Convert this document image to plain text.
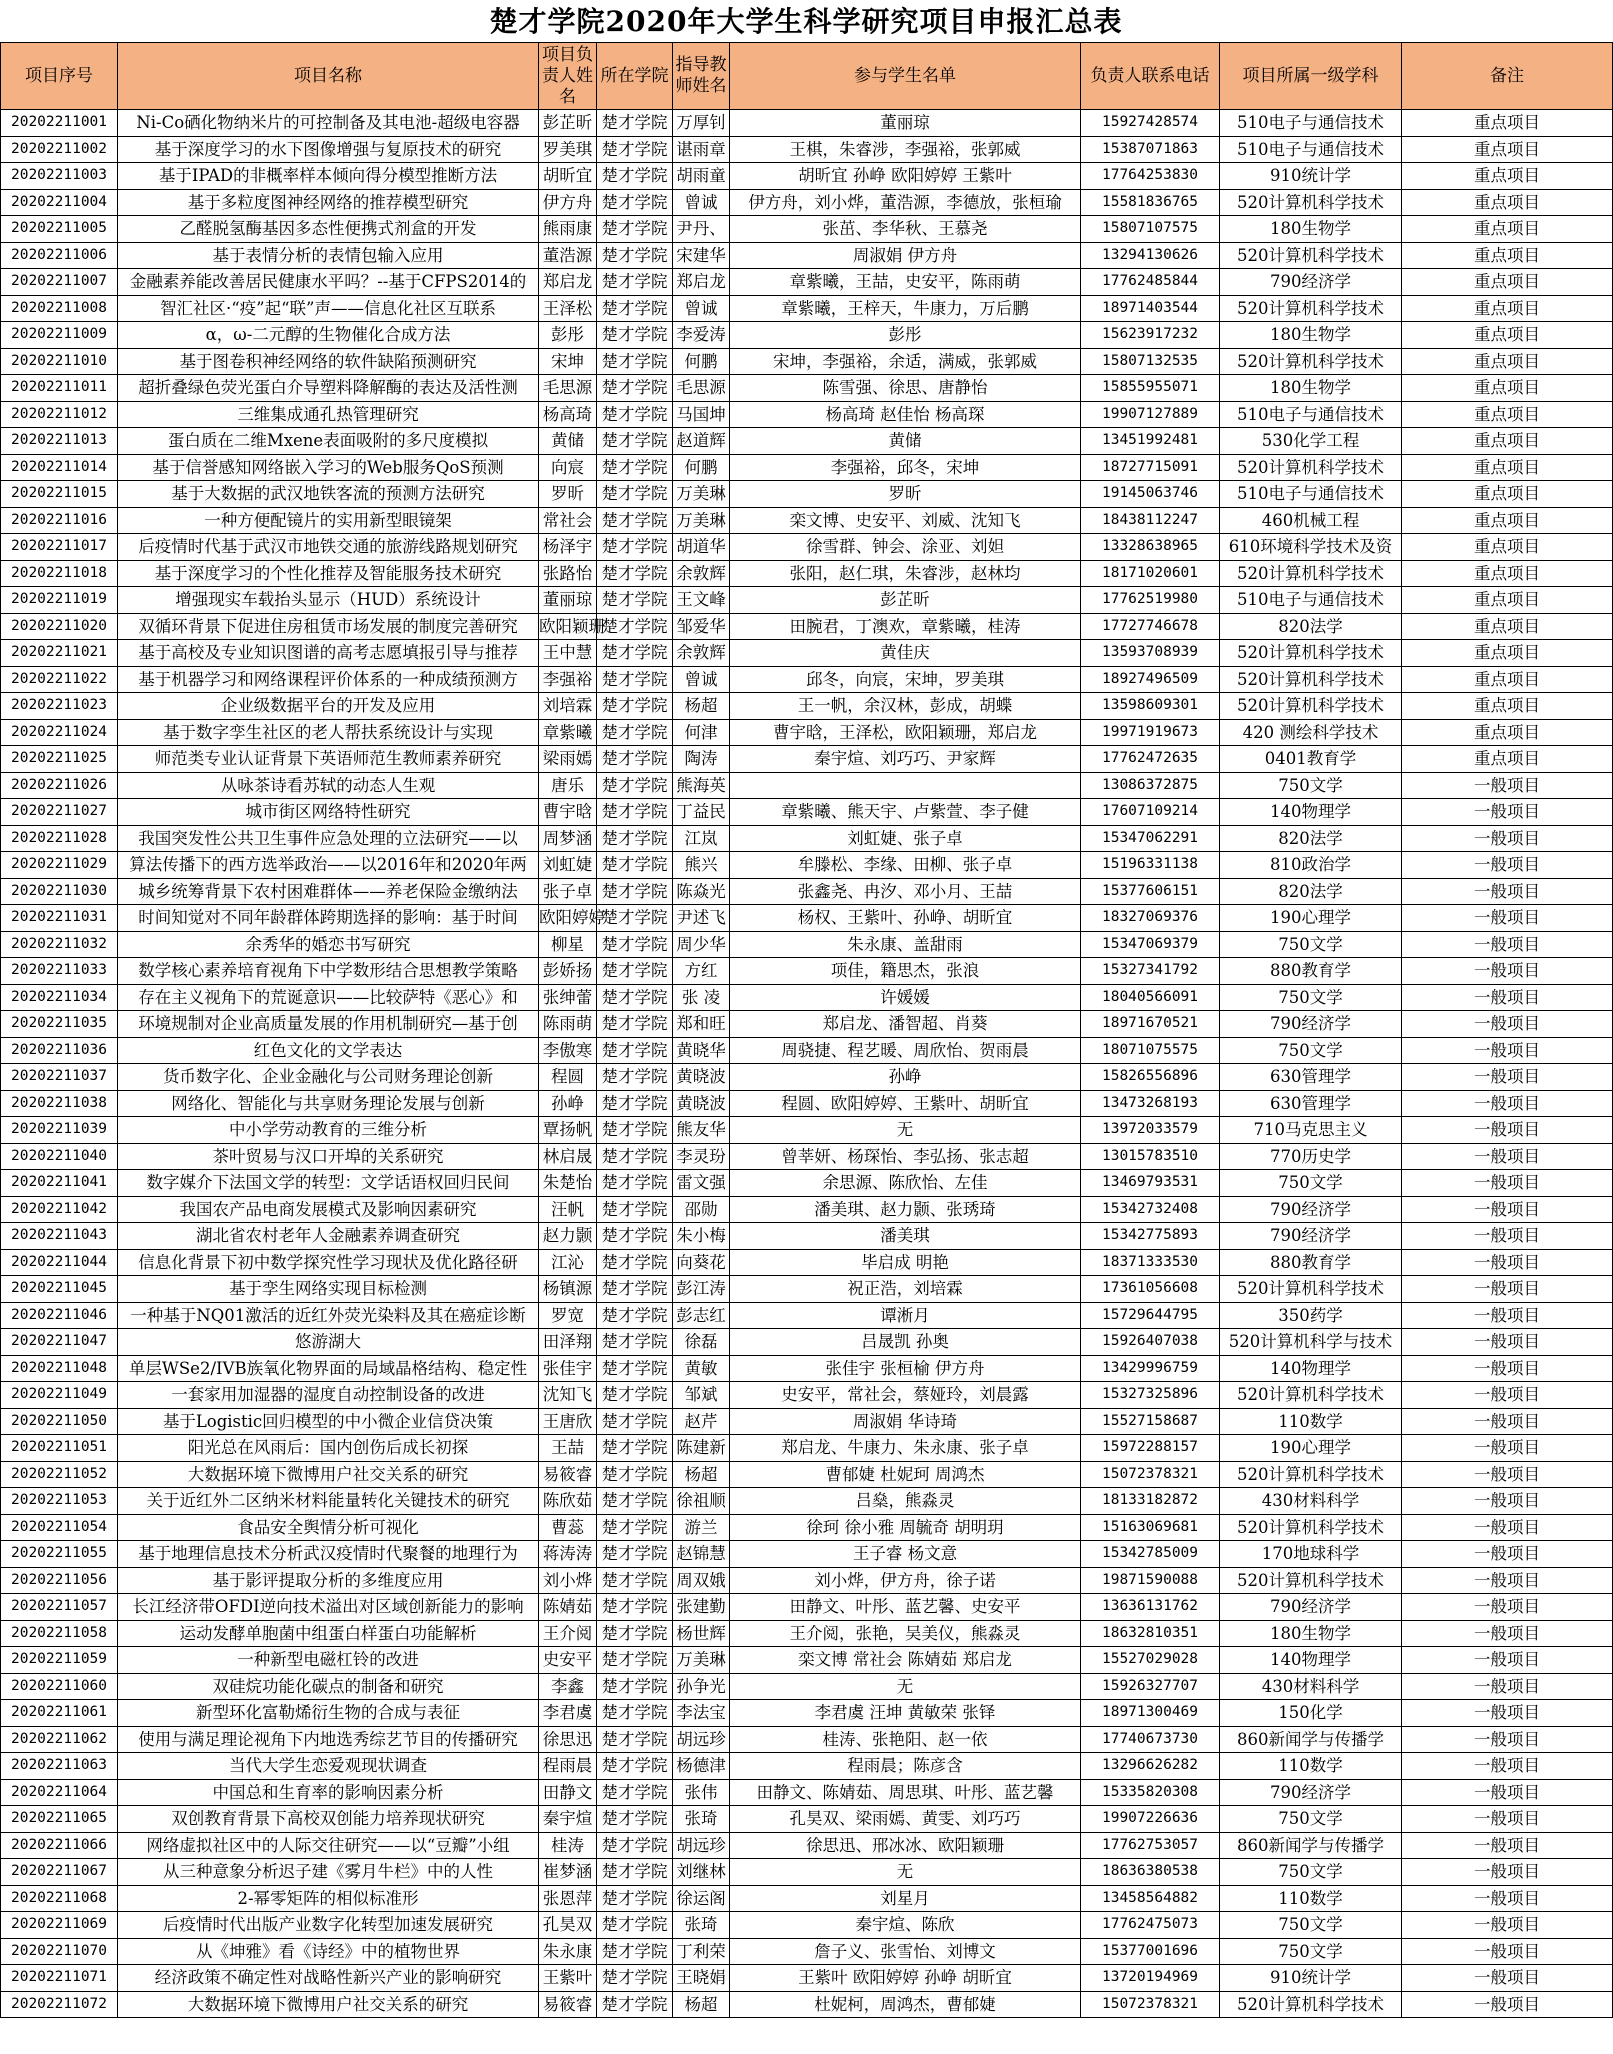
楚才学院2020年大学生科学研究项目申报汇总表
项目序号	项目名称	项目负责人姓名	所在学院	指导教师姓名	参与学生名单	负责人联系电话	项目所属一级学科	备注
20202211001	Ni-Co硒化物纳米片的可控制备及其电池-超级电容器	彭芷昕	楚才学院	万厚钊	董丽琼	15927428574	510电子与通信技术	重点项目
20202211002	基于深度学习的水下图像增强与复原技术的研究	罗美琪	楚才学院	谌雨章	王棋，朱睿涉，李强裕，张郭威	15387071863	510电子与通信技术	重点项目
20202211003	基于IPAD的非概率样本倾向得分模型推断方法	胡昕宜	楚才学院	胡雨童	胡昕宜 孙峥 欧阳婷婷 王紫叶	17764253830	910统计学	重点项目
20202211004	基于多粒度图神经网络的推荐模型研究	伊方舟	楚才学院	曾诚	伊方舟，刘小烨，董浩源，李德放，张桓瑜	15581836765	520计算机科学技术	重点项目
20202211005	乙醛脱氢酶基因多态性便携式剂盒的开发	熊雨康	楚才学院	尹丹、	张茁、李华秋、王慕尧	15807107575	180生物学	重点项目
20202211006	基于表情分析的表情包输入应用	董浩源	楚才学院	宋建华	周淑娟 伊方舟	13294130626	520计算机科学技术	重点项目
20202211007	金融素养能改善居民健康水平吗？--基于CFPS2014的	郑启龙	楚才学院	郑启龙	章紫曦，王喆，史安平，陈雨萌	17762485844	790经济学	重点项目
20202211008	智汇社区·“疫”起“联”声——信息化社区互联系	王泽松	楚才学院	曾诚	章紫曦，王梓天，牛康力，万后鹏	18971403544	520计算机科学技术	重点项目
20202211009	α，ω-二元醇的生物催化合成方法	彭彤	楚才学院	李爱涛	彭彤	15623917232	180生物学	重点项目
20202211010	基于图卷积神经网络的软件缺陷预测研究	宋坤	楚才学院	何鹏	宋坤，李强裕，余适，满威，张郭威	15807132535	520计算机科学技术	重点项目
20202211011	超折叠绿色荧光蛋白介导塑料降解酶的表达及活性测	毛思源	楚才学院	毛思源	陈雪强、徐思、唐静怡	15855955071	180生物学	重点项目
20202211012	三维集成通孔热管理研究	杨高琦	楚才学院	马国坤	杨高琦 赵佳怡 杨高琛	19907127889	510电子与通信技术	重点项目
20202211013	蛋白质在二维Mxene表面吸附的多尺度模拟	黄储	楚才学院	赵道辉	黄储	13451992481	530化学工程	重点项目
20202211014	基于信誉感知网络嵌入学习的Web服务QoS预测	向宸	楚才学院	何鹏	李强裕，邱冬，宋坤	18727715091	520计算机科学技术	重点项目
20202211015	基于大数据的武汉地铁客流的预测方法研究	罗昕	楚才学院	万美琳	罗昕	19145063746	510电子与通信技术	重点项目
20202211016	一种方便配镜片的实用新型眼镜架	常社会	楚才学院	万美琳	栾文博、史安平、刘威、沈知飞	18438112247	460机械工程	重点项目
20202211017	后疫情时代基于武汉市地铁交通的旅游线路规划研究	杨泽宇	楚才学院	胡道华	徐雪群、钟会、涂亚、刘妲	13328638965	610环境科学技术及资	重点项目
20202211018	基于深度学习的个性化推荐及智能服务技术研究	张路怡	楚才学院	余敦辉	张阳，赵仁琪，朱睿涉，赵林均	18171020601	520计算机科学技术	重点项目
20202211019	增强现实车载抬头显示（HUD）系统设计	董丽琼	楚才学院	王文峰	彭芷昕	17762519980	510电子与通信技术	重点项目
20202211020	双循环背景下促进住房租赁市场发展的制度完善研究	欧阳颖珊	楚才学院	邹爱华	田腕君，丁澳欢，章紫曦，桂涛	17727746678	820法学	重点项目
20202211021	基于高校及专业知识图谱的高考志愿填报引导与推荐	王中慧	楚才学院	余敦辉	黄佳庆	13593708939	520计算机科学技术	重点项目
20202211022	基于机器学习和网络课程评价体系的一种成绩预测方	李强裕	楚才学院	曾诚	邱冬，向宸，宋坤，罗美琪	18927496509	520计算机科学技术	重点项目
20202211023	企业级数据平台的开发及应用	刘培霖	楚才学院	杨超	王一帆，余汉林，彭成，胡蝶	13598609301	520计算机科学技术	重点项目
20202211024	基于数字孪生社区的老人帮扶系统设计与实现	章紫曦	楚才学院	何津	曹宇晗，王泽松，欧阳颖珊，郑启龙	19971919673	420 测绘科学技术	重点项目
20202211025	师范类专业认证背景下英语师范生教师素养研究	梁雨嫣	楚才学院	陶涛	秦宇煊、刘巧巧、尹家辉	17762472635	0401教育学	重点项目
20202211026	从咏茶诗看苏轼的动态人生观	唐乐	楚才学院	熊海英		13086372875	750文学	一般项目
20202211027	城市街区网络特性研究	曹宇晗	楚才学院	丁益民	章紫曦、熊天宇、卢紫萱、李子健	17607109214	140物理学	一般项目
20202211028	我国突发性公共卫生事件应急处理的立法研究——以	周梦涵	楚才学院	江岚	刘虹婕、张子卓	15347062291	820法学	一般项目
20202211029	算法传播下的西方选举政治——以2016年和2020年两	刘虹婕	楚才学院	熊兴	牟滕松、李缘、田柳、张子卓	15196331138	810政治学	一般项目
20202211030	城乡统筹背景下农村困难群体——养老保险金缴纳法	张子卓	楚才学院	陈焱光	张鑫尧、冉汐、邓小月、王喆	15377606151	820法学	一般项目
20202211031	时间知觉对不同年龄群体跨期选择的影响：基于时间	欧阳婷婷	楚才学院	尹述飞	杨权、王紫叶、孙峥、胡昕宜	18327069376	190心理学	一般项目
20202211032	余秀华的婚恋书写研究	柳星	楚才学院	周少华	朱永康、盖甜雨	15347069379	750文学	一般项目
20202211033	数学核心素养培育视角下中学数形结合思想教学策略	彭娇扬	楚才学院	方红	项佳，籍思杰，张浪	15327341792	880教育学	一般项目
20202211034	存在主义视角下的荒诞意识——比较萨特《恶心》和	张绅蕾	楚才学院	张 凌	许媛媛	18040566091	750文学	一般项目
20202211035	环境规制对企业高质量发展的作用机制研究—基于创	陈雨萌	楚才学院	郑和旺	郑启龙、潘智超、肖葵	18971670521	790经济学	一般项目
20202211036	红色文化的文学表达	李傲寒	楚才学院	黄晓华	周骁捷、程艺暖、周欣怡、贺雨晨	18071075575	750文学	一般项目
20202211037	货币数字化、企业金融化与公司财务理论创新	程圆	楚才学院	黄晓波	孙峥	15826556896	630管理学	一般项目
20202211038	网络化、智能化与共享财务理论发展与创新	孙峥	楚才学院	黄晓波	程圆、欧阳婷婷、王紫叶、胡昕宜	13473268193	630管理学	一般项目
20202211039	中小学劳动教育的三维分析	覃扬帆	楚才学院	熊友华	无	13972033579	710马克思主义	一般项目
20202211040	茶叶贸易与汉口开埠的关系研究	林启晟	楚才学院	李灵玢	曾莘妍、杨琛怡、李弘扬、张志超	13015783510	770历史学	一般项目
20202211041	数字媒介下法国文学的转型：文学话语权回归民间	朱楚怡	楚才学院	雷文强	余思源、陈欣怡、左佳	13469793531	750文学	一般项目
20202211042	我国农产品电商发展模式及影响因素研究	汪帆	楚才学院	邵勋	潘美琪、赵力颢、张琇琦	15342732408	790经济学	一般项目
20202211043	湖北省农村老年人金融素养调查研究	赵力颢	楚才学院	朱小梅	潘美琪	15342775893	790经济学	一般项目
20202211044	信息化背景下初中数学探究性学习现状及优化路径研	江沁	楚才学院	向葵花	毕启成 明艳	18371333530	880教育学	一般项目
20202211045	基于孪生网络实现目标检测	杨镇源	楚才学院	彭江涛	祝正浩，刘培霖	17361056608	520计算机科学技术	一般项目
20202211046	一种基于NQ01激活的近红外荧光染料及其在癌症诊断	罗宽	楚才学院	彭志红	谭淅月	15729644795	350药学	一般项目
20202211047	悠游湖大	田泽翔	楚才学院	徐磊	吕晟凯 孙奥	15926407038	520计算机科学与技术	一般项目
20202211048	单层WSe2/IVB族氧化物界面的局域晶格结构、稳定性	张佳宇	楚才学院	黄敏	张佳宇 张桓榆 伊方舟	13429996759	140物理学	一般项目
20202211049	一套家用加湿器的湿度自动控制设备的改进	沈知飞	楚才学院	邹斌	史安平，常社会，蔡娅玲，刘晨露	15327325896	520计算机科学技术	一般项目
20202211050	基于Logistic回归模型的中小微企业信贷决策	王唐欣	楚才学院	赵芹	周淑娟 华诗琦	15527158687	110数学	一般项目
20202211051	阳光总在风雨后：国内创伤后成长初探	王喆	楚才学院	陈建新	郑启龙、牛康力、朱永康、张子卓	15972288157	190心理学	一般项目
20202211052	大数据环境下微博用户社交关系的研究	易筱睿	楚才学院	杨超	曹郁婕 杜妮珂 周鸿杰	15072378321	520计算机科学技术	一般项目
20202211053	关于近红外二区纳米材料能量转化关键技术的研究	陈欣茹	楚才学院	徐祖顺	吕燊，熊淼灵	18133182872	430材料科学	一般项目
20202211054	食品安全舆情分析可视化	曹蕊	楚才学院	游兰	徐珂 徐小雅 周毓奇 胡明玥	15163069681	520计算机科学技术	一般项目
20202211055	基于地理信息技术分析武汉疫情时代聚餐的地理行为	蒋涛涛	楚才学院	赵锦慧	王子睿 杨文意	15342785009	170地球科学	一般项目
20202211056	基于影评提取分析的多维度应用	刘小烨	楚才学院	周双娥	刘小烨，伊方舟，徐子诺	19871590088	520计算机科学技术	一般项目
20202211057	长江经济带OFDI逆向技术溢出对区域创新能力的影响	陈婧茹	楚才学院	张建勤	田静文、叶彤、蓝艺馨、史安平	13636131762	790经济学	一般项目
20202211058	运动发酵单胞菌中组蛋白样蛋白功能解析	王介阅	楚才学院	杨世辉	王介阅，张艳，吴美仪，熊淼灵	18632810351	180生物学	一般项目
20202211059	一种新型电磁杠铃的改进	史安平	楚才学院	万美琳	栾文博 常社会 陈婧茹 郑启龙	15527029028	140物理学	一般项目
20202211060	双硅烷功能化碳点的制备和研究	李鑫	楚才学院	孙争光	无	15926327707	430材料科学	一般项目
20202211061	新型环化富勒烯衍生物的合成与表征	李君虞	楚才学院	李法宝	李君虞 汪坤 黄敏荣 张铎	18971300469	150化学	一般项目
20202211062	使用与满足理论视角下内地选秀综艺节目的传播研究	徐思迅	楚才学院	胡远珍	桂涛、张艳阳、赵一依	17740673730	860新闻学与传播学	一般项目
20202211063	当代大学生恋爱观现状调查	程雨晨	楚才学院	杨德津	程雨晨；陈彦含	13296626282	110数学	一般项目
20202211064	中国总和生育率的影响因素分析	田静文	楚才学院	张伟	田静文、陈婧茹、周思琪、叶彤、蓝艺馨	15335820308	790经济学	一般项目
20202211065	双创教育背景下高校双创能力培养现状研究	秦宇煊	楚才学院	张琦	孔昊双、梁雨嫣、黄雯、刘巧巧	19907226636	750文学	一般项目
20202211066	网络虚拟社区中的人际交往研究——以“豆瓣”小组	桂涛	楚才学院	胡远珍	徐思迅、邢冰冰、欧阳颖珊	17762753057	860新闻学与传播学	一般项目
20202211067	从三种意象分析迟子建《雾月牛栏》中的人性	崔梦涵	楚才学院	刘继林	无	18636380538	750文学	一般项目
20202211068	2-幂零矩阵的相似标准形	张恩萍	楚才学院	徐运阁	刘星月	13458564882	110数学	一般项目
20202211069	后疫情时代出版产业数字化转型加速发展研究	孔昊双	楚才学院	张琦	秦宇煊、陈欣	17762475073	750文学	一般项目
20202211070	从《坤雅》看《诗经》中的植物世界	朱永康	楚才学院	丁利荣	詹子义、张雪怡、刘博文	15377001696	750文学	一般项目
20202211071	经济政策不确定性对战略性新兴产业的影响研究	王紫叶	楚才学院	王晓娟	王紫叶 欧阳婷婷 孙峥 胡昕宜	13720194969	910统计学	一般项目
20202211072	大数据环境下微博用户社交关系的研究	易筱睿	楚才学院	杨超	杜妮柯，周鸿杰，曹郁婕	15072378321	520计算机科学技术	一般项目
